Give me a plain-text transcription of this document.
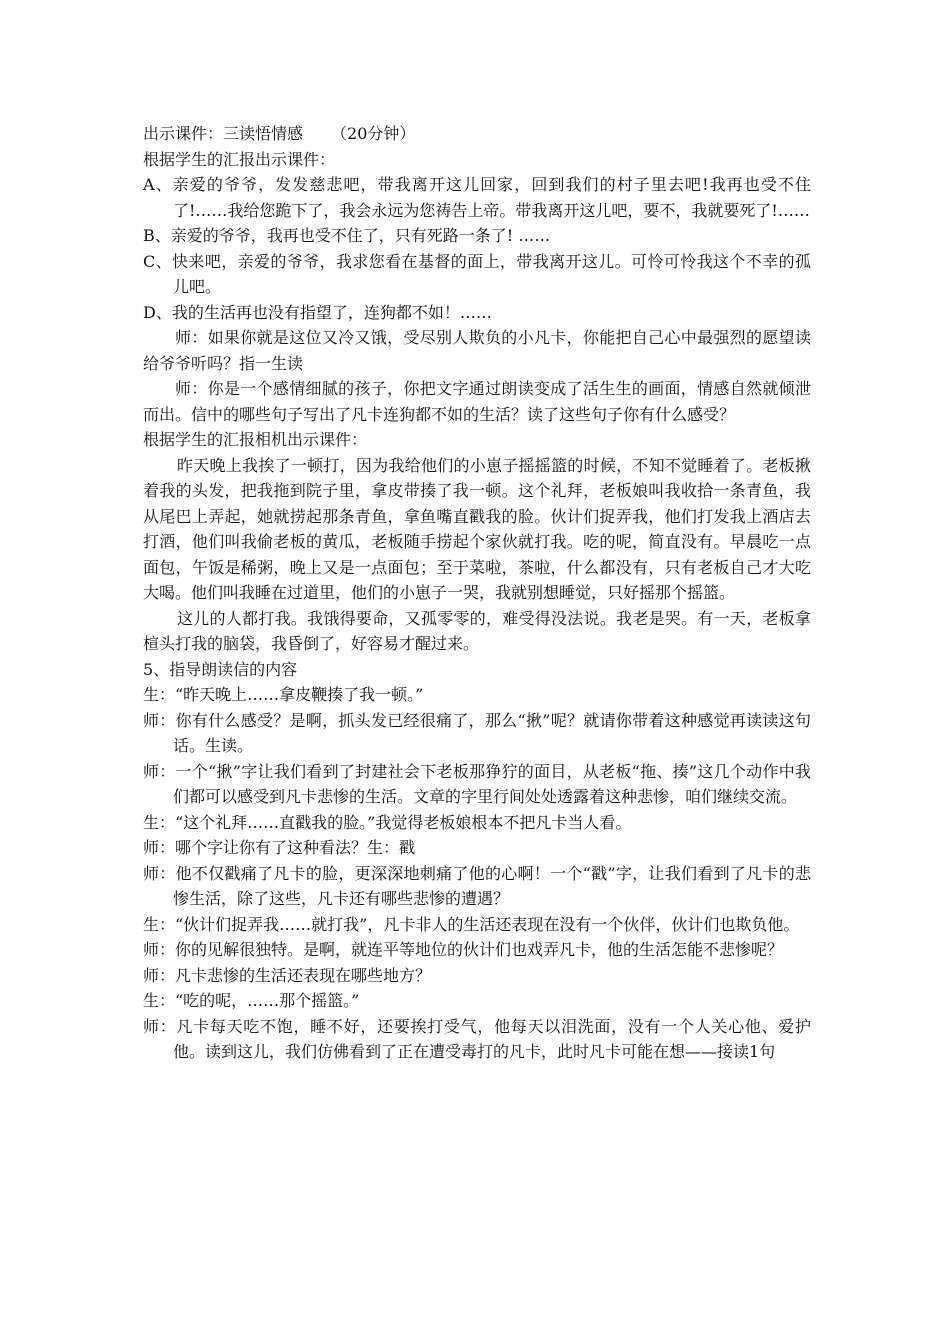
出示课件：三读悟情感 （20分钟）

根据学生的汇报出示课件：

A、亲爱的爷爷，发发慈悲吧，带我离开这儿回家，回到我们的村子里去吧!我再也受不住了!……我给您跪下了，我会永远为您祷告上帝。带我离开这儿吧，要不，我就要死了!……

B、亲爱的爷爷，我再也受不住了，只有死路一条了! ……

C、快来吧，亲爱的爷爷，我求您看在基督的面上，带我离开这儿。可怜可怜我这个不幸的孤儿吧。

D、我的生活再也没有指望了，连狗都不如！……

师：如果你就是这位又冷又饿，受尽别人欺负的小凡卡，你能把自己心中最强烈的愿望读给爷爷听吗？指一生读

师：你是一个感情细腻的孩子，你把文字通过朗读变成了活生生的画面，情感自然就倾泄而出。信中的哪些句子写出了凡卡连狗都不如的生活？读了这些句子你有什么感受？

根据学生的汇报相机出示课件：

昨天晚上我挨了一顿打，因为我给他们的小崽子摇摇篮的时候，不知不觉睡着了。老板揪着我的头发，把我拖到院子里，拿皮带揍了我一顿。这个礼拜，老板娘叫我收拾一条青鱼，我从尾巴上弄起，她就捞起那条青鱼，拿鱼嘴直戳我的脸。伙计们捉弄我，他们打发我上酒店去打酒，他们叫我偷老板的黄瓜，老板随手捞起个家伙就打我。吃的呢，简直没有。早晨吃一点面包，午饭是稀粥，晚上又是一点面包；至于菜啦，茶啦，什么都没有，只有老板自己才大吃大喝。他们叫我睡在过道里，他们的小崽子一哭，我就别想睡觉，只好摇那个摇篮。

这儿的人都打我。我饿得要命，又孤零零的，难受得没法说。我老是哭。有一天，老板拿楦头打我的脑袋，我昏倒了，好容易才醒过来。

5、指导朗读信的内容

生：“昨天晚上……拿皮鞭揍了我一顿。”

师：你有什么感受？是啊，抓头发已经很痛了，那么“揪”呢？就请你带着这种感觉再读读这句话。生读。

师：一个“揪”字让我们看到了封建社会下老板那狰狞的面目，从老板“拖、揍”这几个动作中我们都可以感受到凡卡悲惨的生活。文章的字里行间处处透露着这种悲惨，咱们继续交流。

生：“这个礼拜……直戳我的脸。”我觉得老板娘根本不把凡卡当人看。

师：哪个字让你有了这种看法？生：戳

师：他不仅戳痛了凡卡的脸，更深深地刺痛了他的心啊！一个“戳”字，让我们看到了凡卡的悲惨生活，除了这些，凡卡还有哪些悲惨的遭遇？

生：“伙计们捉弄我……就打我”，凡卡非人的生活还表现在没有一个伙伴，伙计们也欺负他。

师：你的见解很独特。是啊，就连平等地位的伙计们也戏弄凡卡，他的生活怎能不悲惨呢？

师：凡卡悲惨的生活还表现在哪些地方？

生：“吃的呢，……那个摇篮。”

师：凡卡每天吃不饱，睡不好，还要挨打受气，他每天以泪洗面，没有一个人关心他、爱护他。读到这儿，我们仿佛看到了正在遭受毒打的凡卡，此时凡卡可能在想——接读1句
